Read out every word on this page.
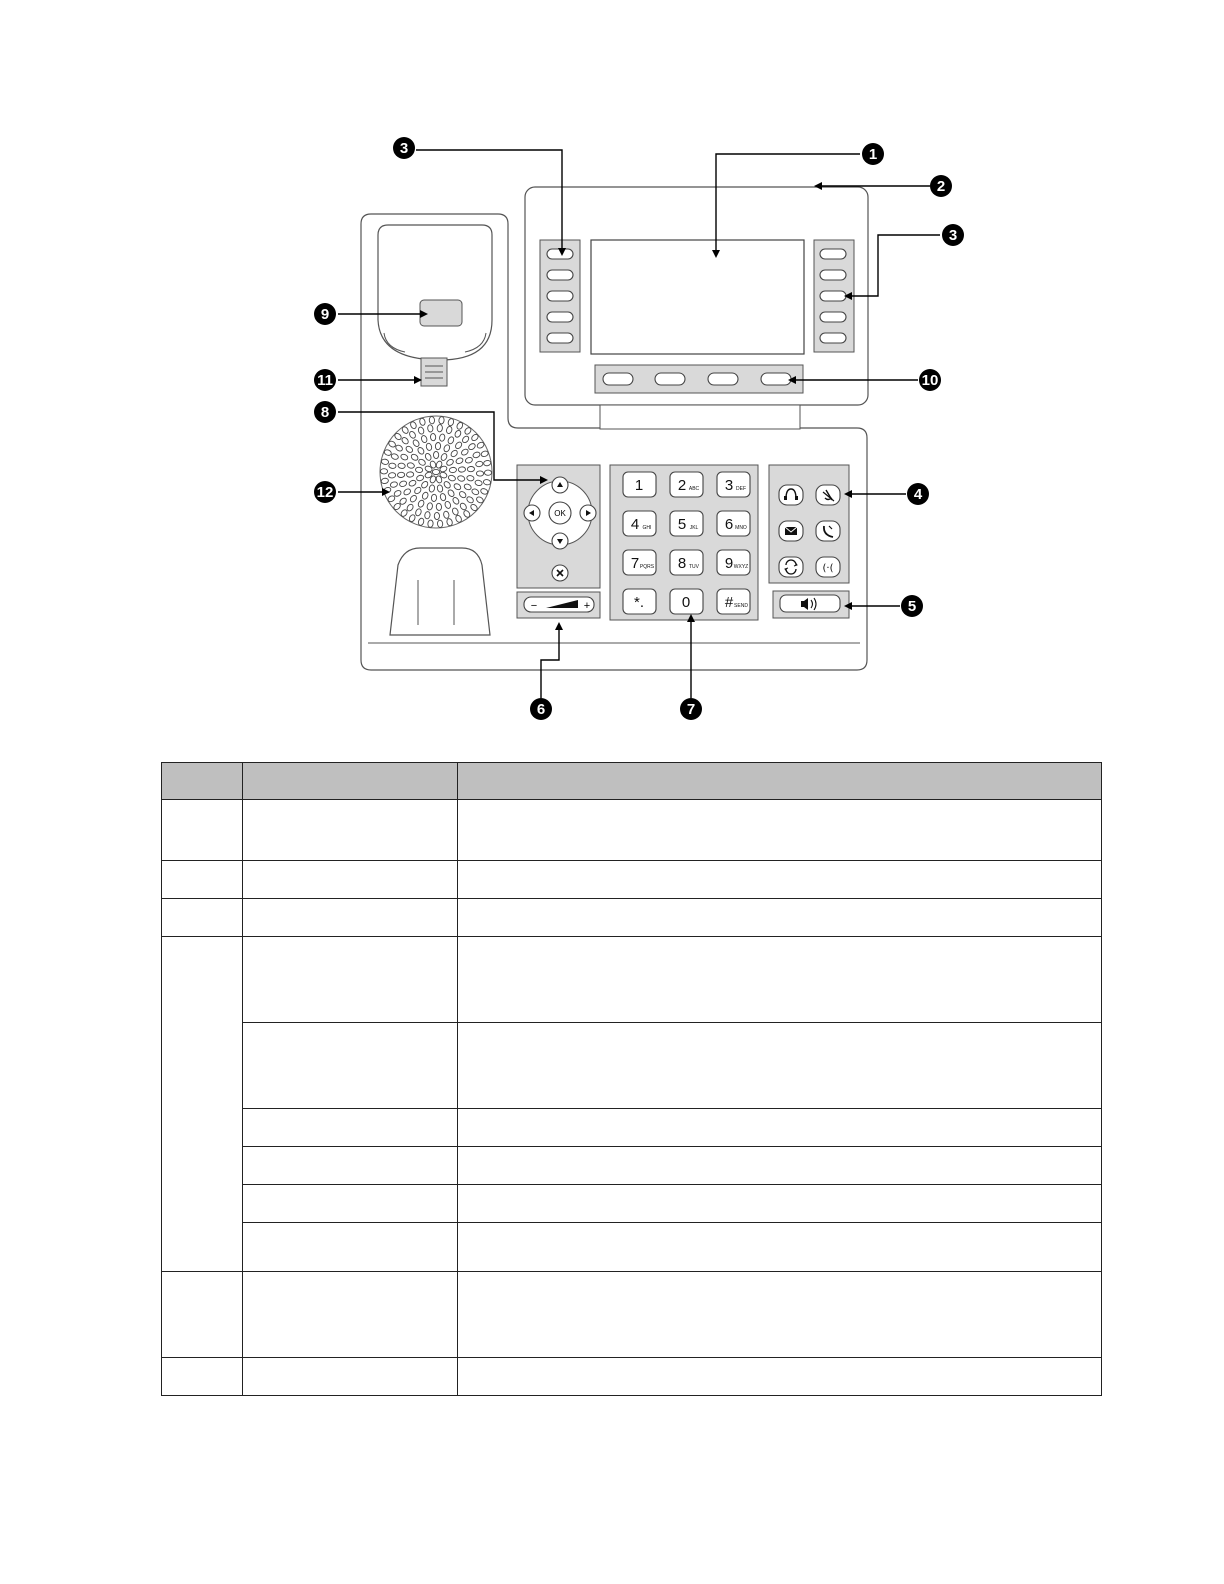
OK
−	+
1 2 ABC 3 DEF
4 GHI 5 JKL 6 MNO
7 PQRS 8 TUV 9 WXYZ
*.	0 # SEND
(·(
1
2
3
3
4
5
6	7
8
9
10
11
12
